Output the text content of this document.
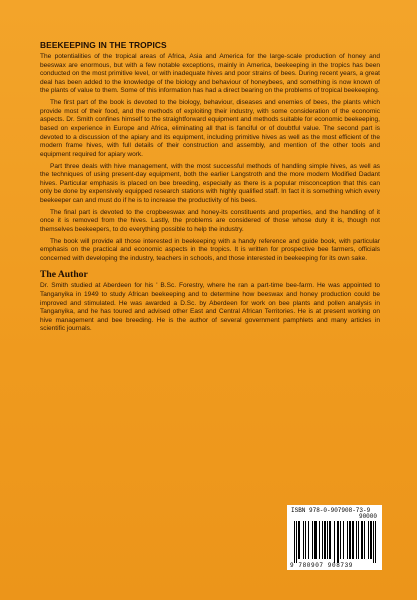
BEEKEEPING IN THE TROPICS

The potentialities of the tropical areas of Africa, Asia and America for the large-scale production of honey and beeswax are enormous, but with a few notable exceptions, mainly in America, beekeeping in the tropics has been conducted on the most primitive level, or with inadequate hives and poor strains of bees. During recent years, a great deal has been added to the knowledge of the biology and behaviour of honeybees, and something is now known of the plants of value to them. Some of this information has had a direct bearing on the problems of tropical beekeeping.

The first part of the book is devoted to the biology, behaviour, diseases and enemies of bees, the plants which provide most of their food, and the methods of exploiting their industry, with some consideration of the economic aspects. Dr. Smith confines himself to the straightforward equipment and methods suitable for economic beekeeping, based on experience in Europe and Africa, eliminating all that is fanciful or of doubtful value. The second part is devoted to a discussion of the apiary and its equipment, including primitive hives as well as the most efficient of the modern frame hives, with full details of their construction and assembly, and mention of the other tools and equipment required for apiary work.

Part three deals with hive management, with the most successful methods of handling simple hives, as well as the techniques of using present-day equipment, both the earlier Langstroth and the more modern Modified Dadant hives. Particular emphasis is placed on bee breeding, especially as there is a popular misconception that this can only be done by expensively equipped research stations with highly qualified staff. In fact it is something which every beekeeper can and must do if he is to increase the productivity of his bees.

The final part is devoted to the cropbeeswax and honey-its constituents and properties, and the handling of it once it is removed from the hives. Lastly, the problems are considered of those whose duty it is, though not themselves beekeepers, to do everything possible to help the industry.

The book will provide all those interested in beekeeping with a handy reference and guide book, with particular emphasis on the practical and economic aspects in the tropics. It is written for prospective bee farmers, officials concerned with developing the industry, teachers in schools, and those interested in beekeeping for its own sake.

The Author

Dr. Smith studied at Aberdeen for his ' B.Sc. Forestry, where he ran a part-time bee-farm. He was appointed to Tanganyika in 1949 to study African beekeeping and to determine how beeswax and honey production could be improved and stimulated. He was awarded a D.Sc. by Aberdeen for work on bee plants and pollen analysis in Tanganyika, and he has toured and advised other East and Central African Territories. He is at present working on hive management and bee breeding. He is the author of several government pamphlets and many articles in scientific journals.

ISBN 978-0-907908-73-9
90000
9 780907 908739
